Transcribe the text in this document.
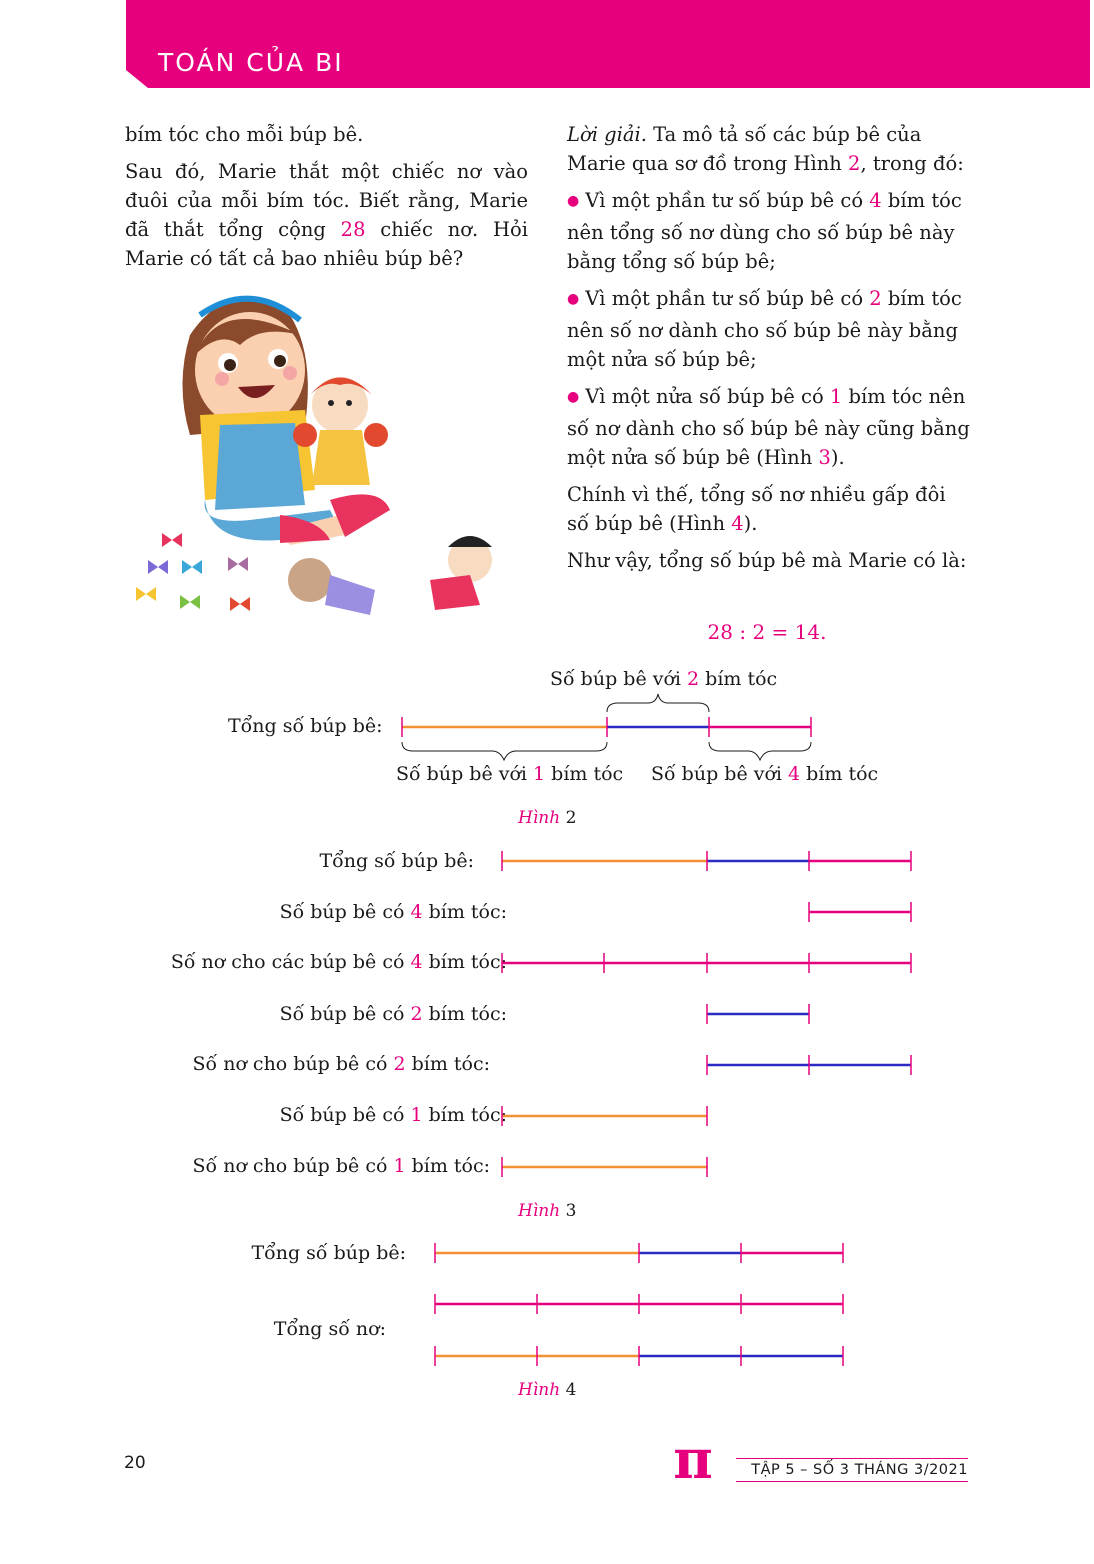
TOÁN CỦA BI

bím tóc cho mỗi búp bê.

Sau đó, Marie thắt một chiếc nơ vào đuôi của mỗi bím tóc. Biết rằng, Marie đã thắt tổng cộng 28 chiếc nơ. Hỏi Marie có tất cả bao nhiêu búp bê?

Lời giải. Ta mô tả số các búp bê của Marie qua sơ đồ trong Hình 2, trong đó:

● Vì một phần tư số búp bê có 4 bím tóc nên tổng số nơ dùng cho số búp bê này bằng tổng số búp bê;

● Vì một phần tư số búp bê có 2 bím tóc nên số nơ dành cho số búp bê này bằng một nửa số búp bê;

● Vì một nửa số búp bê có 1 bím tóc nên số nơ dành cho số búp bê này cũng bằng một nửa số búp bê (Hình 3).

Chính vì thế, tổng số nơ nhiều gấp đôi số búp bê (Hình 4).

Như vậy, tổng số búp bê mà Marie có là:

28 : 2 = 14.
Số búp bê với 2 bím tóc
Tổng số búp bê:
Số búp bê với 1 bím tóc Số búp bê với 4 bím tóc
Hình 2
Tổng số búp bê:
Số búp bê có 4 bím tóc:
Số nơ cho các búp bê có 4 bím tóc:
Số búp bê có 2 bím tóc:
Số nơ cho búp bê có 2 bím tóc:
Số búp bê có 1 bím tóc:
Số nơ cho búp bê có 1 bím tóc:
Hình 3
Tổng số búp bê:
Tổng số nơ:
Hình 4
20	π	TẬP 5 – SỐ 3 THÁNG 3/2021
